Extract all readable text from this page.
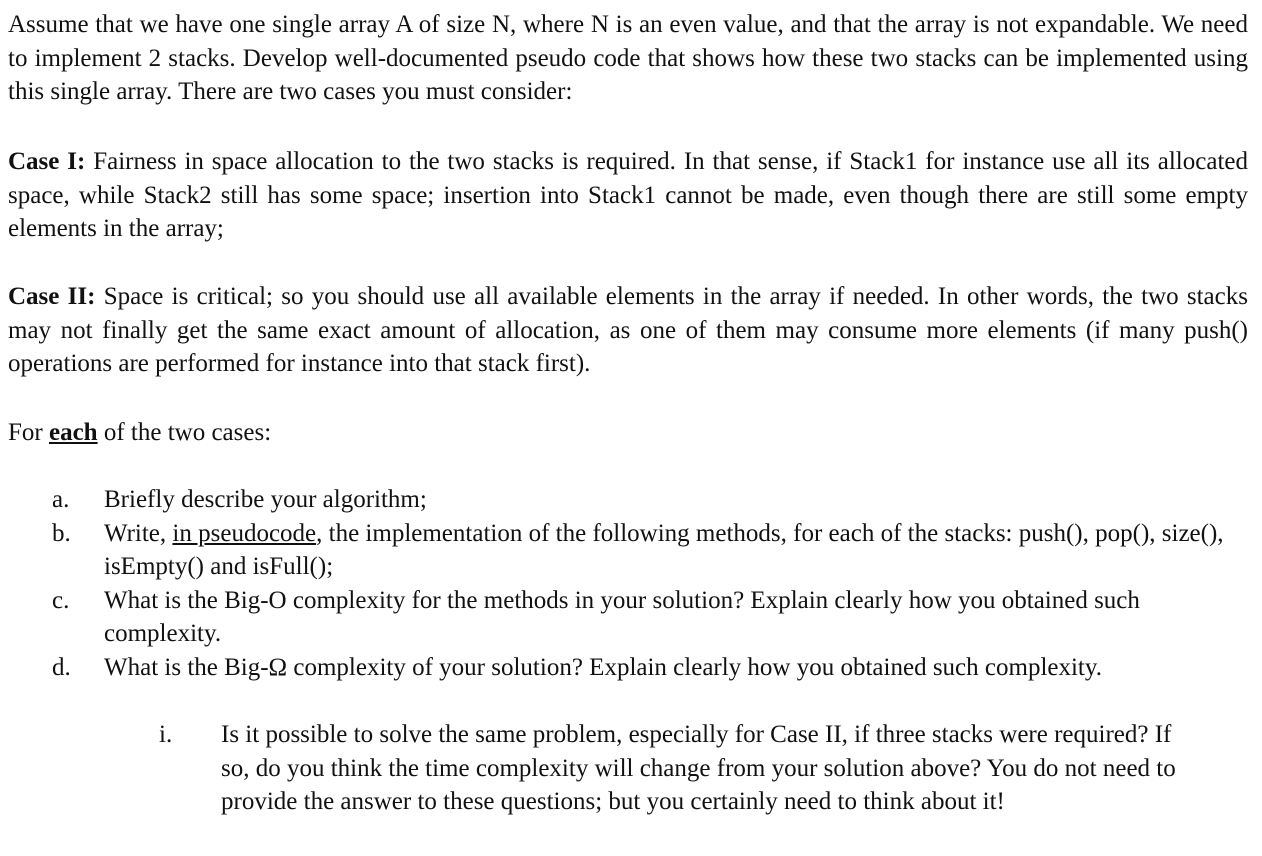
Assume that we have one single array A of size N, where N is an even value, and that the array is not expandable. We need to implement 2 stacks. Develop well-documented pseudo code that shows how these two stacks can be implemented using this single array. There are two cases you must consider:

Case I: Fairness in space allocation to the two stacks is required. In that sense, if Stack1 for instance use all its allocated space, while Stack2 still has some space; insertion into Stack1 cannot be made, even though there are still some empty elements in the array;

Case II: Space is critical; so you should use all available elements in the array if needed. In other words, the two stacks may not finally get the same exact amount of allocation, as one of them may consume more elements (if many push() operations are performed for instance into that stack first).

For each of the two cases:

a. Briefly describe your algorithm;
b. Write, in pseudocode, the implementation of the following methods, for each of the stacks: push(), pop(), size(), isEmpty() and isFull();
c. What is the Big-O complexity for the methods in your solution? Explain clearly how you obtained such complexity.
d. What is the Big-Ω complexity of your solution? Explain clearly how you obtained such complexity.
i. Is it possible to solve the same problem, especially for Case II, if three stacks were required? If so, do you think the time complexity will change from your solution above? You do not need to provide the answer to these questions; but you certainly need to think about it!
